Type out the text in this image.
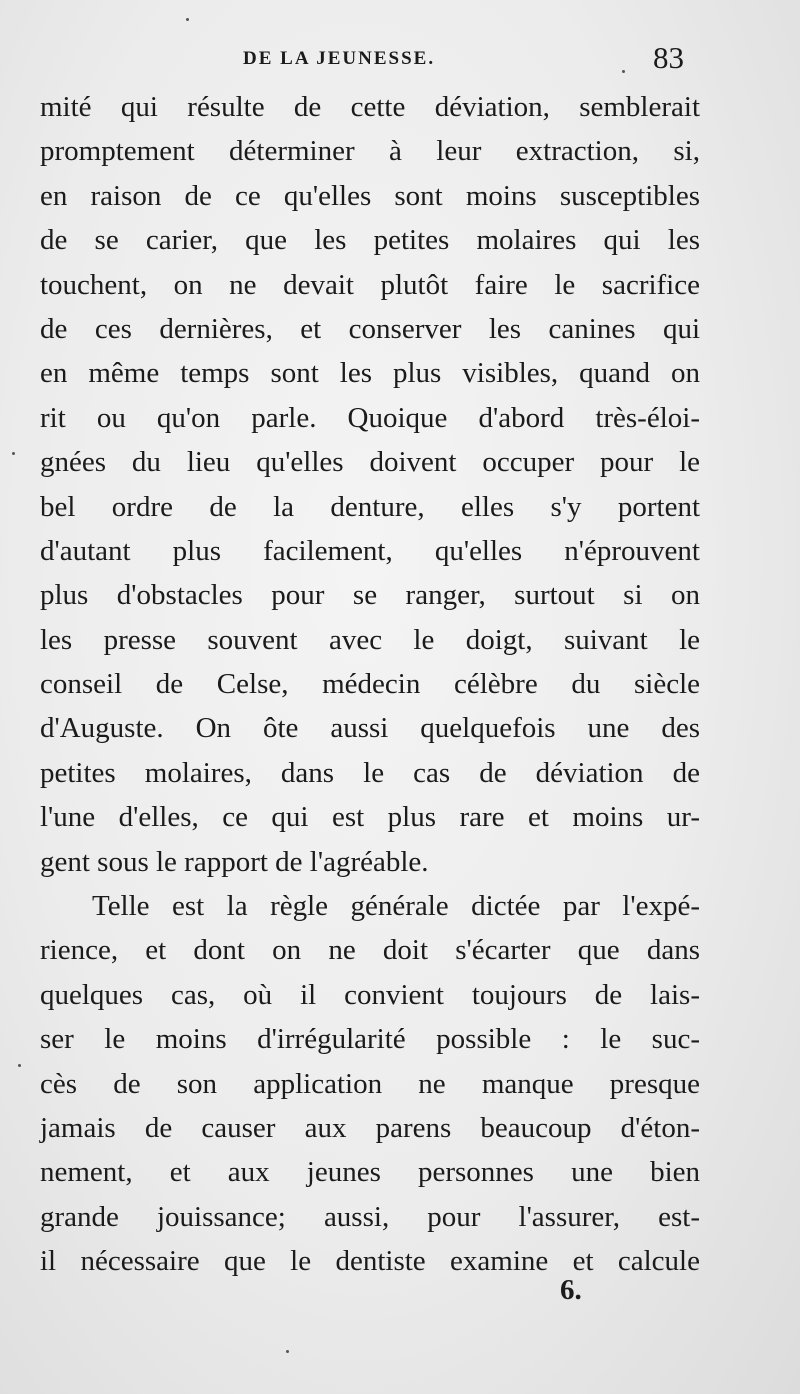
DE LA JEUNESSE.	83
mité qui résulte de cette déviation, semblerait
promptement déterminer à leur extraction, si,
en raison de ce qu'elles sont moins susceptibles
de se carier, que les petites molaires qui les
touchent, on ne devait plutôt faire le sacrifice
de ces dernières, et conserver les canines qui
en même temps sont les plus visibles, quand on
rit ou qu'on parle. Quoique d'abord très-éloi-
gnées du lieu qu'elles doivent occuper pour le
bel ordre de la denture, elles s'y portent
d'autant plus facilement, qu'elles n'éprouvent
plus d'obstacles pour se ranger, surtout si on
les presse souvent avec le doigt, suivant le
conseil de Celse, médecin célèbre du siècle
d'Auguste. On ôte aussi quelquefois une des
petites molaires, dans le cas de déviation de
l'une d'elles, ce qui est plus rare et moins ur-
gent sous le rapport de l'agréable.
Telle est la règle générale dictée par l'expé-
rience, et dont on ne doit s'écarter que dans
quelques cas, où il convient toujours de lais-
ser le moins d'irrégularité possible : le suc-
cès de son application ne manque presque
jamais de causer aux parens beaucoup d'éton-
nement, et aux jeunes personnes une bien
grande jouissance; aussi, pour l'assurer, est-
il nécessaire que le dentiste examine et calcule
6.
